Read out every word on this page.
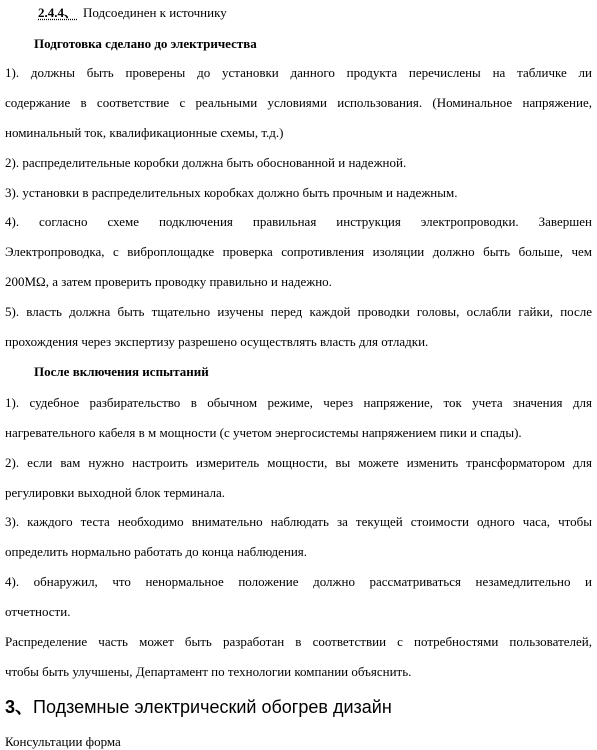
2.4.4、 Подсоединен к источнику
Подготовка сделано до электричества
1). должны быть проверены до установки данного продукта перечислены на табличке ли
содержание в соответствие с реальными условиями использования. (Номинальное напряжение,
номинальный ток, квалификационные схемы, т.д.)
2). распределительные коробки должна быть обоснованной и надежной.
3). установки в распределительных коробках должно быть прочным и надежным.
4). согласно схеме подключения правильная инструкция электропроводки. Завершен
Электропроводка, с виброплощадке проверка сопротивления изоляции должно быть больше, чем
200MΩ, а затем проверить проводку правильно и надежно.
5). власть должна быть тщательно изучены перед каждой проводки головы, ослабли гайки, после
прохождения через экспертизу разрешено осуществлять власть для отладки.
После включения испытаний
1). судебное разбирательство в обычном режиме, через напряжение, ток учета значения для
нагревательного кабеля в м мощности (с учетом энергосистемы напряжением пики и спады).
2). если вам нужно настроить измеритель мощности, вы можете изменить трансформатором для
регулировки выходной блок терминала.
3). каждого теста необходимо внимательно наблюдать за текущей стоимости одного часа, чтобы
определить нормально работать до конца наблюдения.
4). обнаружил, что ненормальное положение должно рассматриваться незамедлительно и
отчетности.
Распределение часть может быть разработан в соответствии с потребностями пользователей,
чтобы быть улучшены, Департамент по технологии компании объяснить.
3、Подземные электрический обогрев дизайн
Консультации форма
